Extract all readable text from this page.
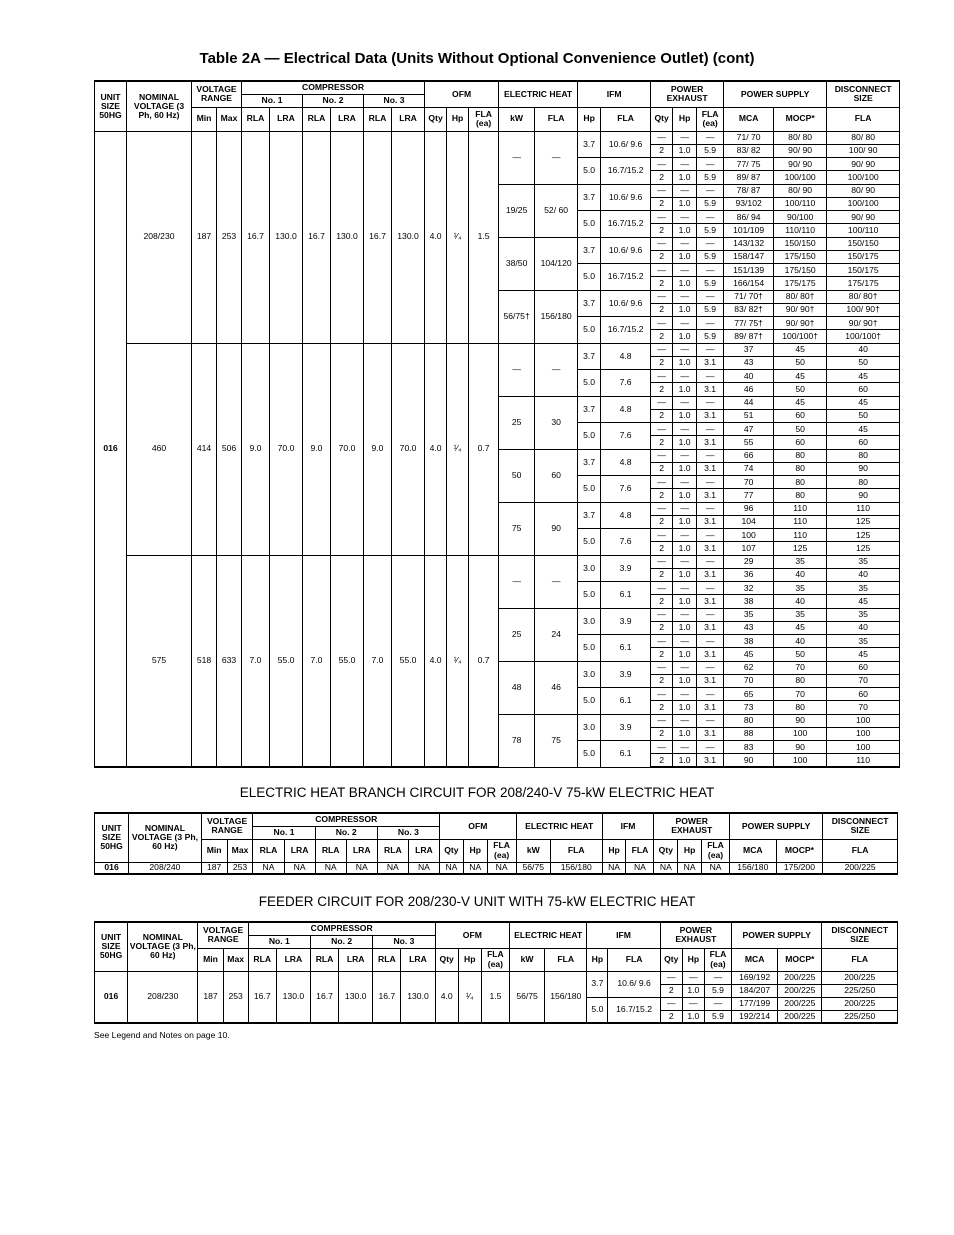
Table 2A — Electrical Data (Units Without Optional Convenience Outlet) (cont)
UNIT SIZE 50HG	NOMINAL VOLTAGE (3 Ph, 60 Hz)	VOLTAGE RANGE		COMPRESSOR						OFM			ELECTRIC HEAT		IFM		POWER EXHAUST			POWER SUPPLY		DISCONNECT SIZE
				No. 1		No. 2		No. 3														
		Min	Max	RLA	LRA	RLA	LRA	RLA	LRA	Qty	Hp	FLA (ea)	kW	FLA	Hp	FLA	Qty	Hp	FLA (ea)	MCA	MOCP*	FLA
016	208/230	187	253	16.7	130.0	16.7	130.0	16.7	130.0	4.0	¹⁄₄	1.5	—	—	3.7	10.6/ 9.6	—	—	—	71/ 70	80/ 80	80/ 80
																	2	1.0	5.9	83/ 82	90/ 90	100/ 90
															5.0	16.7/15.2	—	—	—	77/ 75	90/ 90	90/ 90
																	2	1.0	5.9	89/ 87	100/100	100/100
													19/25	52/ 60	3.7	10.6/ 9.6	—	—	—	78/ 87	80/ 90	80/ 90
																	2	1.0	5.9	93/102	100/110	100/100
															5.0	16.7/15.2	—	—	—	86/ 94	90/100	90/ 90
																	2	1.0	5.9	101/109	110/110	100/110
													38/50	104/120	3.7	10.6/ 9.6	—	—	—	143/132	150/150	150/150
																	2	1.0	5.9	158/147	175/150	150/175
															5.0	16.7/15.2	—	—	—	151/139	175/150	150/175
																	2	1.0	5.9	166/154	175/175	175/175
													56/75†	156/180	3.7	10.6/ 9.6	—	—	—	71/ 70†	80/ 80†	80/ 80†
																	2	1.0	5.9	83/ 82†	90/ 90†	100/ 90†
															5.0	16.7/15.2	—	—	—	77/ 75†	90/ 90†	90/ 90†
																	2	1.0	5.9	89/ 87†	100/100†	100/100†
	460	414	506	9.0	70.0	9.0	70.0	9.0	70.0	4.0	¹⁄₄	0.7	—	—	3.7	4.8	—	—	—	37	45	40
																	2	1.0	3.1	43	50	50
															5.0	7.6	—	—	—	40	45	45
																	2	1.0	3.1	46	50	60
													25	30	3.7	4.8	—	—	—	44	45	45
																	2	1.0	3.1	51	60	50
															5.0	7.6	—	—	—	47	50	45
																	2	1.0	3.1	55	60	60
													50	60	3.7	4.8	—	—	—	66	80	80
																	2	1.0	3.1	74	80	90
															5.0	7.6	—	—	—	70	80	80
																	2	1.0	3.1	77	80	90
													75	90	3.7	4.8	—	—	—	96	110	110
																	2	1.0	3.1	104	110	125
															5.0	7.6	—	—	—	100	110	125
																	2	1.0	3.1	107	125	125
	575	518	633	7.0	55.0	7.0	55.0	7.0	55.0	4.0	¹⁄₄	0.7	—	—	3.0	3.9	—	—	—	29	35	35
																	2	1.0	3.1	36	40	40
															5.0	6.1	—	—	—	32	35	35
																	2	1.0	3.1	38	40	45
													25	24	3.0	3.9	—	—	—	35	35	35
																	2	1.0	3.1	43	45	40
															5.0	6.1	—	—	—	38	40	35
																	2	1.0	3.1	45	50	45
													48	46	3.0	3.9	—	—	—	62	70	60
																	2	1.0	3.1	70	80	70
															5.0	6.1	—	—	—	65	70	60
																	2	1.0	3.1	73	80	70
													78	75	3.0	3.9	—	—	—	80	90	100
																	2	1.0	3.1	88	100	100
															5.0	6.1	—	—	—	83	90	100
																	2	1.0	3.1	90	100	110
ELECTRIC HEAT BRANCH CIRCUIT FOR 208/240-V 75-kW ELECTRIC HEAT
UNIT SIZE 50HG	NOMINAL VOLTAGE (3 Ph, 60 Hz)	VOLTAGE RANGE		COMPRESSOR						OFM			ELECTRIC HEAT		IFM		POWER EXHAUST			POWER SUPPLY		DISCONNECT SIZE
				No. 1		No. 2		No. 3														
		Min	Max	RLA	LRA	RLA	LRA	RLA	LRA	Qty	Hp	FLA (ea)	kW	FLA	Hp	FLA	Qty	Hp	FLA (ea)	MCA	MOCP*	FLA
016	208/240	187	253	NA	NA	NA	NA	NA	NA	NA	NA	NA	56/75	156/180	NA	NA	NA	NA	NA	156/180	175/200	200/225
FEEDER CIRCUIT FOR 208/230-V UNIT WITH 75-kW ELECTRIC HEAT
UNIT SIZE 50HG	NOMINAL VOLTAGE (3 Ph, 60 Hz)	VOLTAGE RANGE		COMPRESSOR						OFM			ELECTRIC HEAT		IFM		POWER EXHAUST			POWER SUPPLY		DISCONNECT SIZE
				No. 1		No. 2		No. 3														
		Min	Max	RLA	LRA	RLA	LRA	RLA	LRA	Qty	Hp	FLA (ea)	kW	FLA	Hp	FLA	Qty	Hp	FLA (ea)	MCA	MOCP*	FLA
016	208/230	187	253	16.7	130.0	16.7	130.0	16.7	130.0	4.0	¹⁄₄	1.5	56/75	156/180	3.7	10.6/ 9.6	—	—	—	169/192	200/225	200/225
																	2	1.0	5.9	184/207	200/225	225/250
															5.0	16.7/15.2	—	—	—	177/199	200/225	200/225
																	2	1.0	5.9	192/214	200/225	225/250
See Legend and Notes on page 10.
